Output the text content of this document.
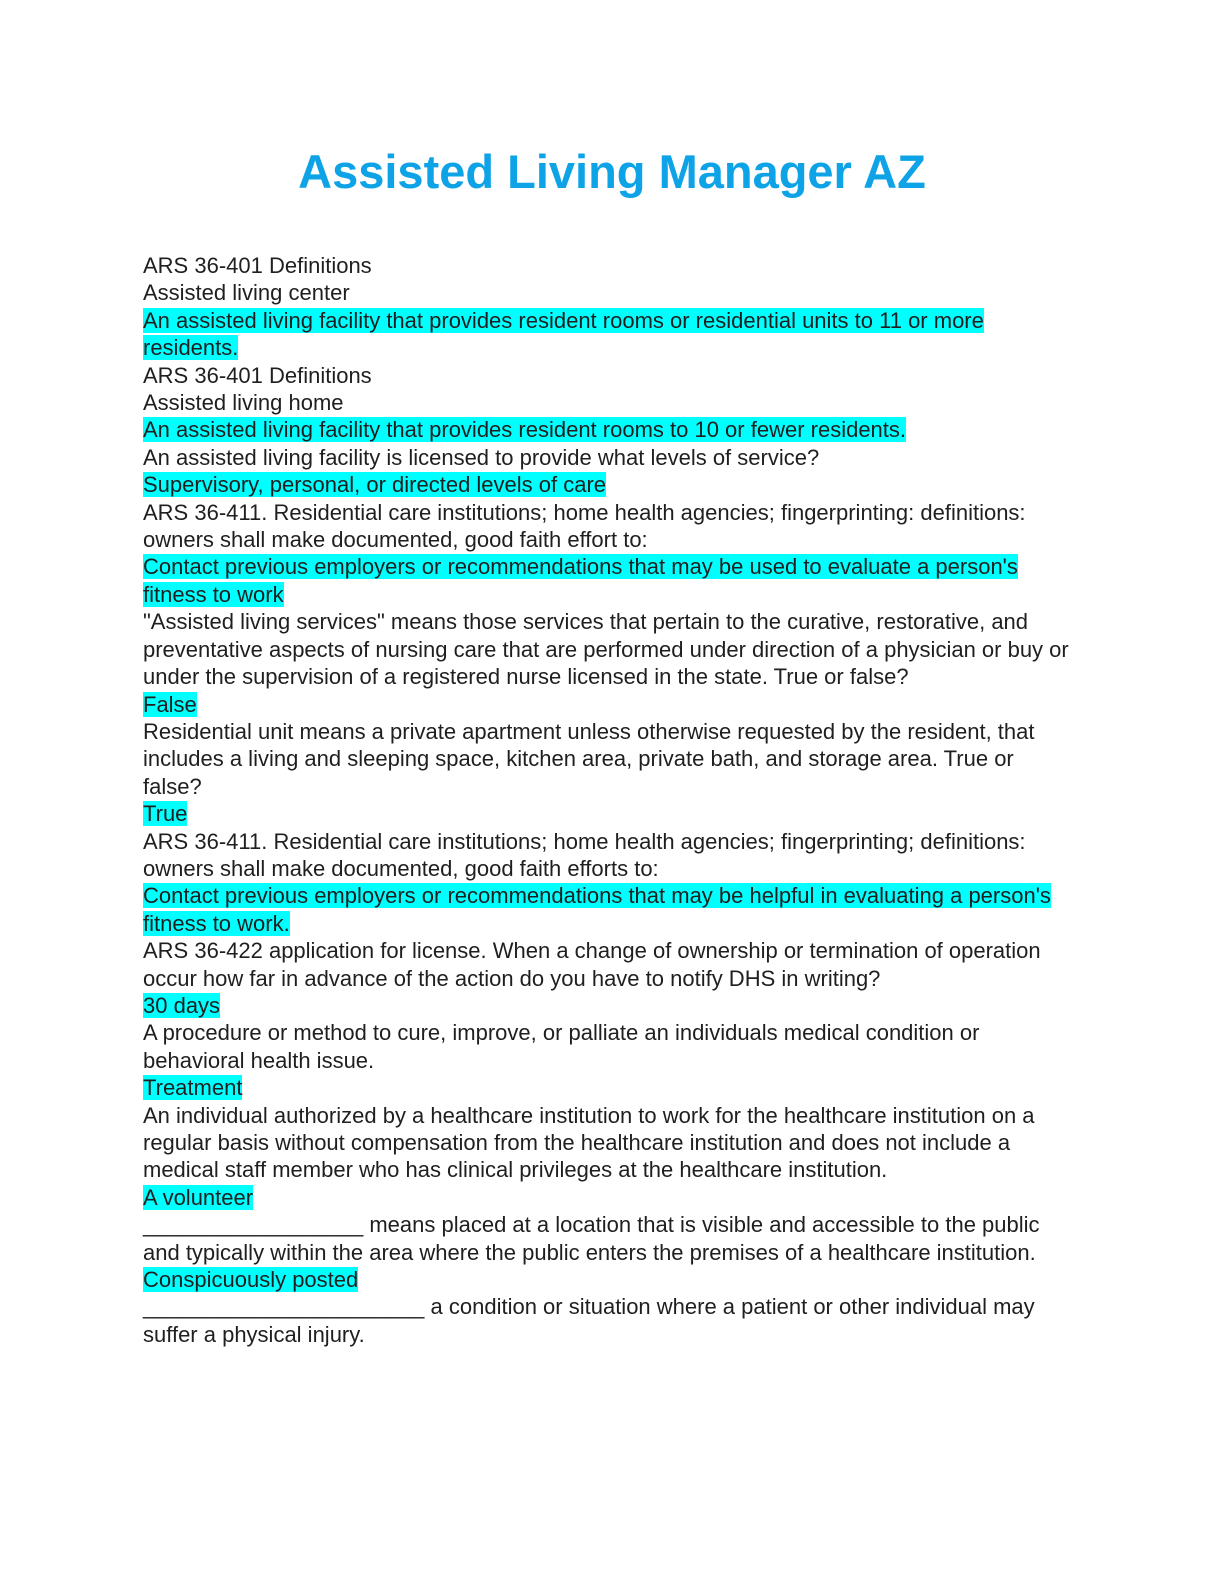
Assisted Living Manager AZ
ARS 36-401 Definitions
Assisted living center
An assisted living facility that provides resident rooms or residential units to 11 or more residents.
ARS 36-401 Definitions
Assisted living home
An assisted living facility that provides resident rooms to 10 or fewer residents.
An assisted living facility is licensed to provide what levels of service?
Supervisory, personal, or directed levels of care
ARS 36-411. Residential care institutions; home health agencies; fingerprinting: definitions: owners shall make documented, good faith effort to:
Contact previous employers or recommendations that may be used to evaluate a person's fitness to work
"Assisted living services" means those services that pertain to the curative, restorative, and preventative aspects of nursing care that are performed under direction of a physician or buy or under the supervision of a registered nurse licensed in the state. True or false?
False
Residential unit means a private apartment unless otherwise requested by the resident, that includes a living and sleeping space, kitchen area, private bath, and storage area. True or false?
True
ARS 36-411. Residential care institutions; home health agencies; fingerprinting; definitions: owners shall make documented, good faith efforts to:
Contact previous employers or recommendations that may be helpful in evaluating a person's fitness to work.
ARS 36-422 application for license. When a change of ownership or termination of operation occur how far in advance of the action do you have to notify DHS in writing?
30 days
A procedure or method to cure, improve, or palliate an individuals medical condition or behavioral health issue.
Treatment
An individual authorized by a healthcare institution to work for the healthcare institution on a regular basis without compensation from the healthcare institution and does not include a medical staff member who has clinical privileges at the healthcare institution.
A volunteer
__________________ means placed at a location that is visible and accessible to the public and typically within the area where the public enters the premises of a healthcare institution.
Conspicuously posted
_______________________ a condition or situation where a patient or other individual may suffer a physical injury.
